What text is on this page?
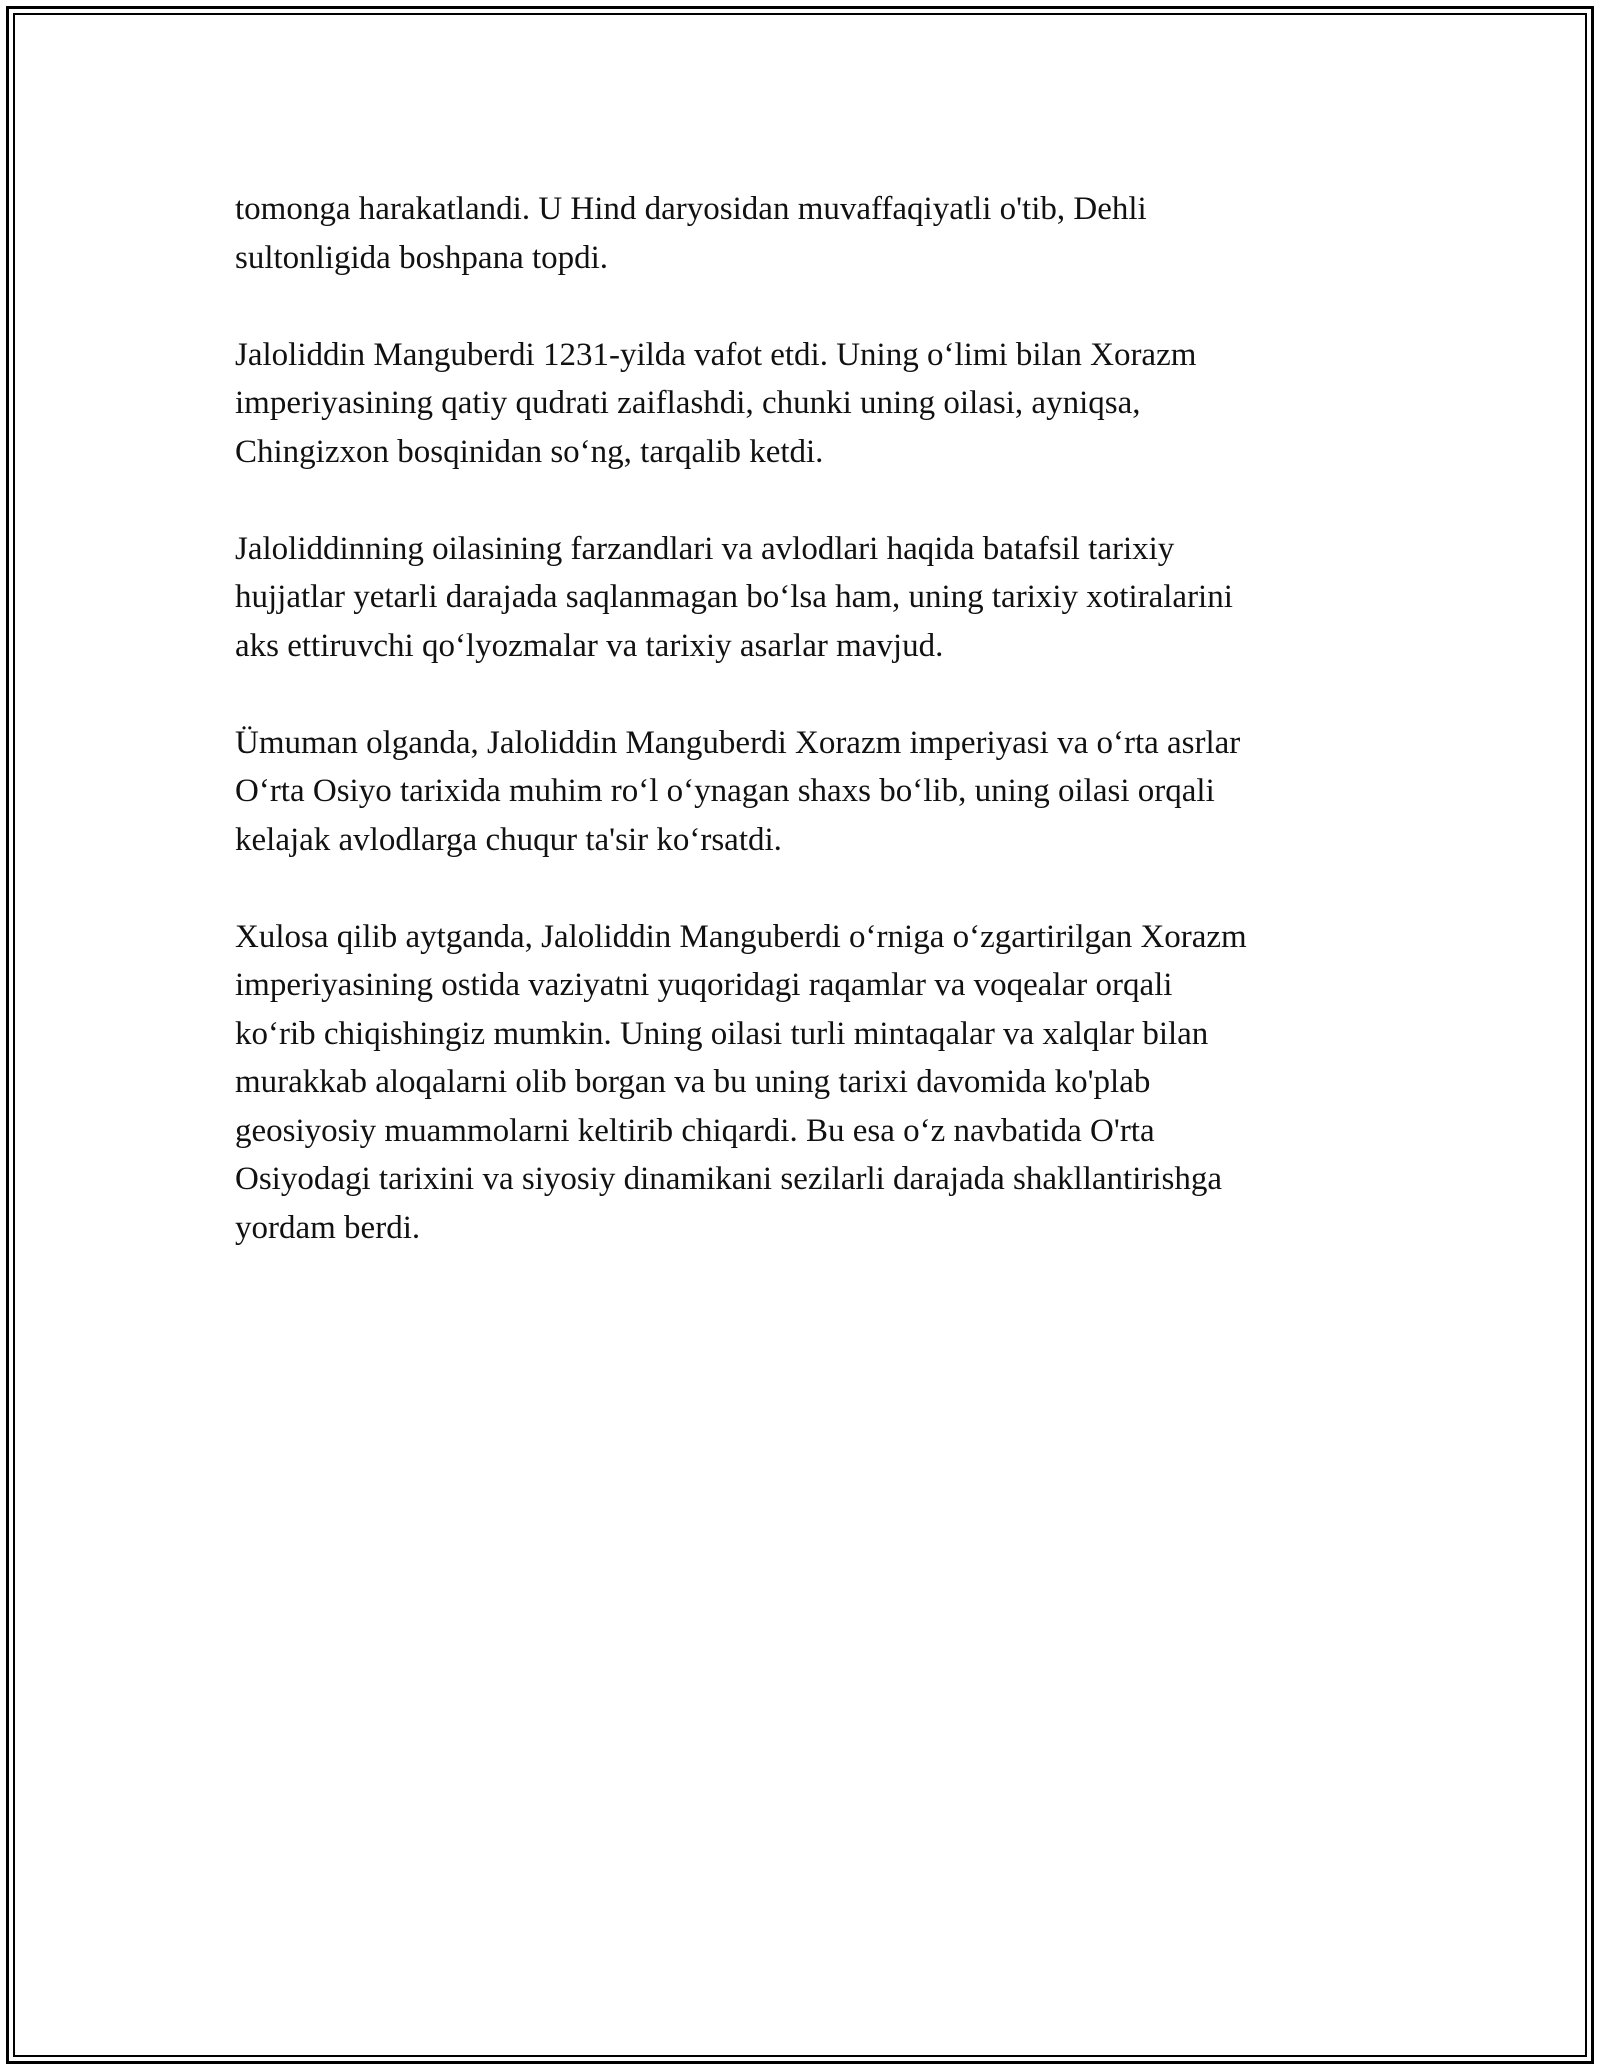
tomonga harakatlandi. U Hind daryosidan muvaffaqiyatli o'tib, Dehli
sultonligida boshpana topdi.

Jaloliddin Manguberdi 1231-yilda vafot etdi. Uning oʻlimi bilan Xorazm
imperiyasining qatiy qudrati zaiflashdi, chunki uning oilasi, ayniqsa,
Chingizxon bosqinidan soʻng, tarqalib ketdi.

Jaloliddinning oilasining farzandlari va avlodlari haqida batafsil tarixiy
hujjatlar yetarli darajada saqlanmagan boʻlsa ham, uning tarixiy xotiralarini
aks ettiruvchi qoʻlyozmalar va tarixiy asarlar mavjud.

Ümuman olganda, Jaloliddin Manguberdi Xorazm imperiyasi va oʻrta asrlar
Oʻrta Osiyo tarixida muhim roʻl oʻynagan shaxs boʻlib, uning oilasi orqali
kelajak avlodlarga chuqur ta'sir koʻrsatdi.

Xulosa qilib aytganda, Jaloliddin Manguberdi oʻrniga oʻzgartirilgan Xorazm
imperiyasining ostida vaziyatni yuqoridagi raqamlar va voqealar orqali
koʻrib chiqishingiz mumkin. Uning oilasi turli mintaqalar va xalqlar bilan
murakkab aloqalarni olib borgan va bu uning tarixi davomida ko'plab
geosiyosiy muammolarni keltirib chiqardi. Bu esa oʻz navbatida O'rta
Osiyodagi tarixini va siyosiy dinamikani sezilarli darajada shakllantirishga
yordam berdi.
